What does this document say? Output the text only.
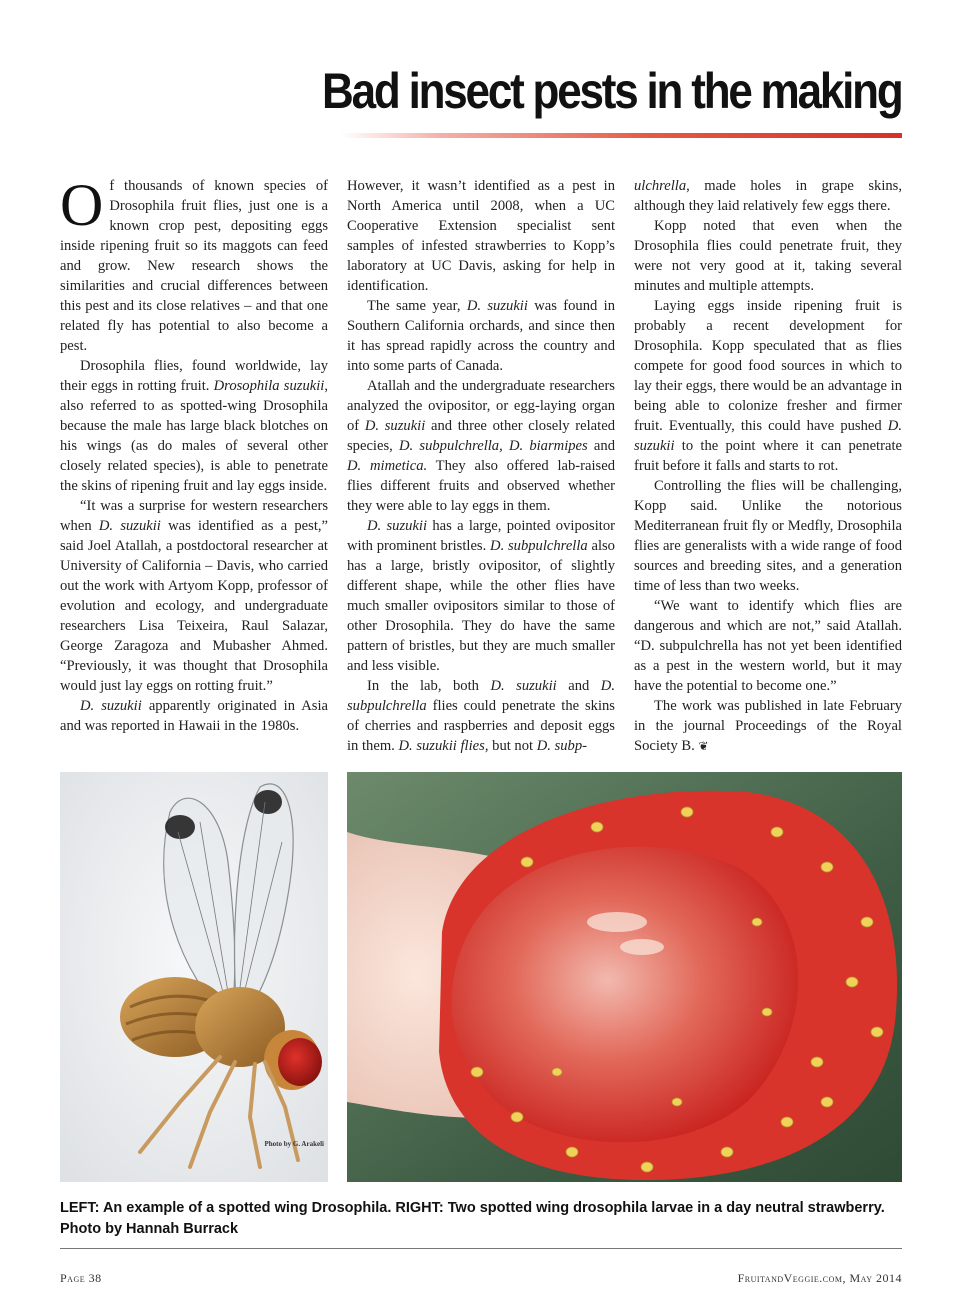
Bad insect pests in the making

Of thousands of known species of Drosophila fruit flies, just one is a known crop pest, depositing eggs inside ripening fruit so its maggots can feed and grow. New research shows the similarities and crucial differences between this pest and its close relatives – and that one related fly has potential to also become a pest.

Drosophila flies, found worldwide, lay their eggs in rotting fruit. Drosophila suzukii, also referred to as spotted-wing Drosophila because the male has large black blotches on his wings (as do males of several other closely related species), is able to penetrate the skins of ripening fruit and lay eggs inside.

“It was a surprise for western researchers when D. suzukii was identified as a pest,” said Joel Atallah, a postdoctoral researcher at University of California – Davis, who carried out the work with Artyom Kopp, professor of evolution and ecology, and undergraduate researchers Lisa Teixeira, Raul Salazar, George Zaragoza and Mubasher Ahmed. “Previously, it was thought that Drosophila would just lay eggs on rotting fruit.”

D. suzukii apparently originated in Asia and was reported in Hawaii in the 1980s.

However, it wasn’t identified as a pest in North America until 2008, when a UC Cooperative Extension specialist sent samples of infested strawberries to Kopp’s laboratory at UC Davis, asking for help in identification.

The same year, D. suzukii was found in Southern California orchards, and since then it has spread rapidly across the country and into some parts of Canada.

Atallah and the undergraduate researchers analyzed the ovipositor, or egg-laying organ of D. suzukii and three other closely related species, D. subpulchrella, D. biarmipes and D. mimetica. They also offered lab-raised flies different fruits and observed whether they were able to lay eggs in them.

D. suzukii has a large, pointed ovipositor with prominent bristles. D. subpulchrella also has a large, bristly ovipositor, of slightly different shape, while the other flies have much smaller ovipositors similar to those of other Drosophila. They do have the same pattern of bristles, but they are much smaller and less visible.

In the lab, both D. suzukii and D. subpulchrella flies could penetrate the skins of cherries and raspberries and deposit eggs in them. D. suzukii flies, but not D. subp-

ulchrella, made holes in grape skins, although they laid relatively few eggs there.

Kopp noted that even when the Drosophila flies could penetrate fruit, they were not very good at it, taking several minutes and multiple attempts.

Laying eggs inside ripening fruit is probably a recent development for Drosophila. Kopp speculated that as flies compete for good food sources in which to lay their eggs, there would be an advantage in being able to colonize fresher and firmer fruit. Eventually, this could have pushed D. suzukii to the point where it can penetrate fruit before it falls and starts to rot.

Controlling the flies will be challenging, Kopp said. Unlike the notorious Mediterranean fruit fly or Medfly, Drosophila flies are generalists with a wide range of food sources and breeding sites, and a generation time of less than two weeks.

“We want to identify which flies are dangerous and which are not,” said Atallah. “D. subpulchrella has not yet been identified as a pest in the western world, but it may have the potential to become one.”

The work was published in late February in the journal Proceedings of the Royal Society B. ❦

Photo by G. Arakeli

LEFT: An example of a spotted wing Drosophila. RIGHT: Two spotted wing drosophila larvae in a day neutral strawberry. Photo by Hannah Burrack

Page 38	FruitandVeggie.com, May 2014
